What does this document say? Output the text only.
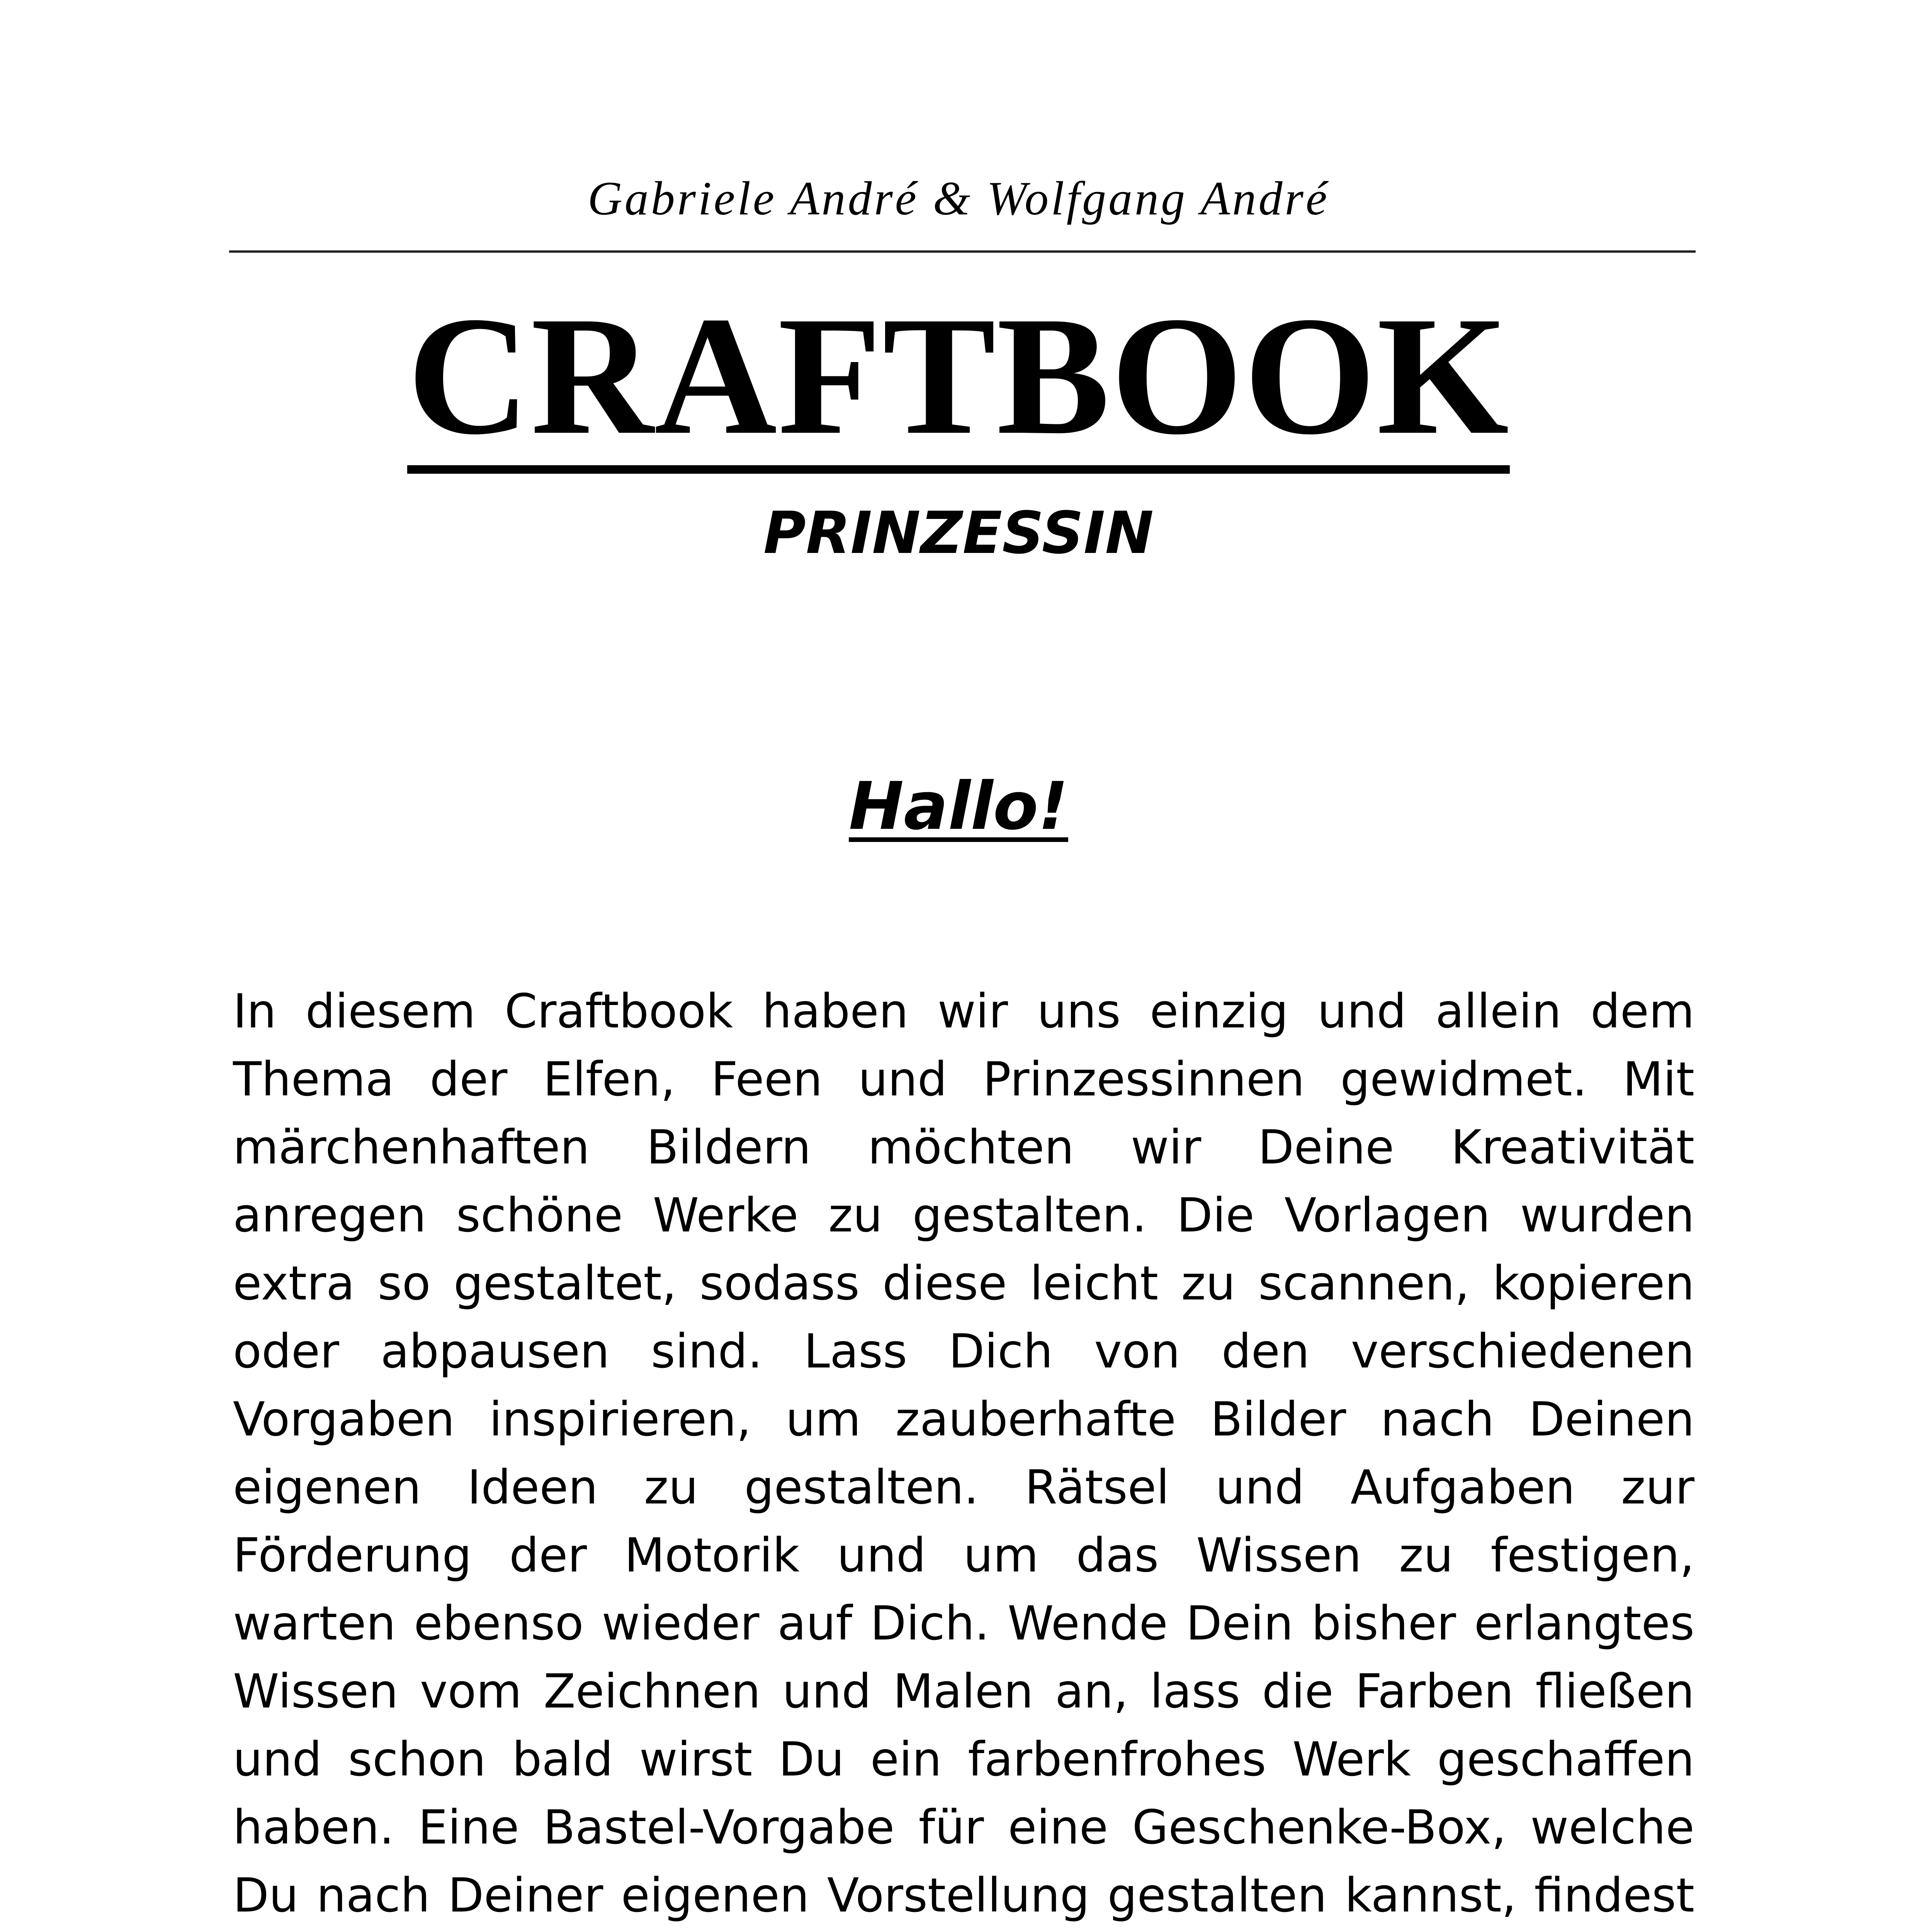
Gabriele André & Wolfgang André
CRAFTBOOK
PRINZESSIN
Hallo!
In diesem Craftbook haben wir uns einzig und allein dem Thema der Elfen, Feen und Prinzessinnen gewidmet. Mit märchenhaften Bildern möchten wir Deine Kreativität anregen schöne Werke zu gestalten. Die Vorlagen wurden extra so gestaltet, sodass diese leicht zu scannen, kopieren oder abpausen sind. Lass Dich von den verschiedenen Vorgaben inspirieren, um zauberhafte Bilder nach Deinen eigenen Ideen zu gestalten. Rätsel und Aufgaben zur Förderung der Motorik und um das Wissen zu festigen, warten ebenso wieder auf Dich. Wende Dein bisher erlangtes Wissen vom Zeichnen und Malen an, lass die Farben fließen und schon bald wirst Du ein farbenfrohes Werk geschaffen haben. Eine Bastel-Vorgabe für eine Geschenke-Box, welche Du nach Deiner eigenen Vorstellung gestalten kannst, findest
